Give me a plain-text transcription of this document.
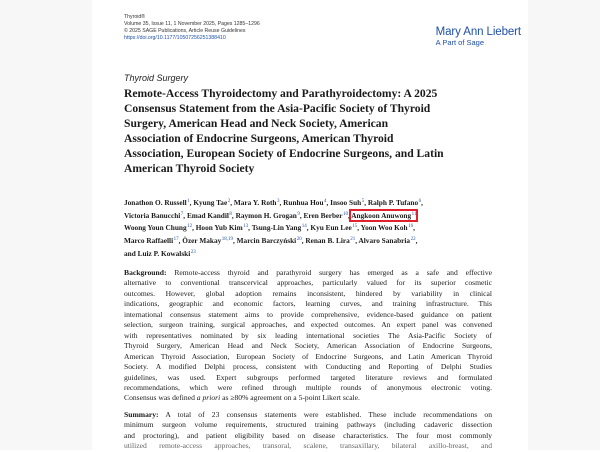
Thyroid®
Volume 35, Issue 11, 1 November 2025, Pages 1285–1296
© 2025 SAGE Publications, Article Reuse Guidelines
https://doi.org/10.1177/10507256251388410	Mary Ann Liebert
A Part of Sage
Thyroid Surgery
Remote-Access Thyroidectomy and Parathyroidectomy: A 2025
Consensus Statement from the Asia-Pacific Society of Thyroid
Surgery, American Head and Neck Society, American
Association of Endocrine Surgeons, American Thyroid
Association, European Society of Endocrine Surgeons, and Latin
American Thyroid Society
Jonathon O. Russell$^1$, Kyung Tae$^2$, Mara Y. Roth$^3$, Runhua Hou$^4$, Insoo Suh$^5$, Ralph P. Tufano$^6$,
Victoria Banucchi$^7$, Emad Kandil$^8$, Raymon H. Grogan$^9$, Eren Berber$^{10}$, Angkoon Anuwong$^{11}$,
Woong Youn Chung$^{12}$, Hoon Yub Kim$^{13}$, Tsung-Lin Yang$^{14}$, Kyu Eun Lee$^{15}$, Yoon Woo Koh$^{16}$,
Marco Raffaelli$^{17}$, Özer Makay$^{18,19}$, Marcin Barczyński$^{20}$, Renan B. Lira$^{21}$, Alvaro Sanabria$^{22}$,
and Luiz P. Kowalski$^{23}$

Background: Remote-access thyroid and parathyroid surgery has emerged as a safe and effective
alternative to conventional transcervical approaches, particularly valued for its superior cosmetic
outcomes. However, global adoption remains inconsistent, hindered by variability in clinical
indications, geographic and economic factors, learning curves, and training infrastructure. This
international consensus statement aims to provide comprehensive, evidence-based guidance on patient
selection, surgeon training, surgical approaches, and expected outcomes. An expert panel was convened
with representatives nominated by six leading international societies The Asia-Pacific Society of
Thyroid Surgery, American Head and Neck Society, American Association of Endocrine Surgeons,
American Thyroid Association, European Society of Endocrine Surgeons, and Latin American Thyroid
Society. A modified Delphi process, consistent with Conducting and Reporting of Delphi Studies
guidelines, was used. Expert subgroups performed targeted literature reviews and formulated
recommendations, which were refined through multiple rounds of anonymous electronic voting.
Consensus was defined a priori as ≥80% agreement on a 5-point Likert scale.

Summary: A total of 23 consensus statements were established. These include recommendations on
minimum surgeon volume requirements, structured training pathways (including cadaveric dissection
and proctoring), and patient eligibility based on disease characteristics. The four most commonly
utilized remote-access approaches, transoral, scalene, transaxillary, bilateral axillo-breast, and
